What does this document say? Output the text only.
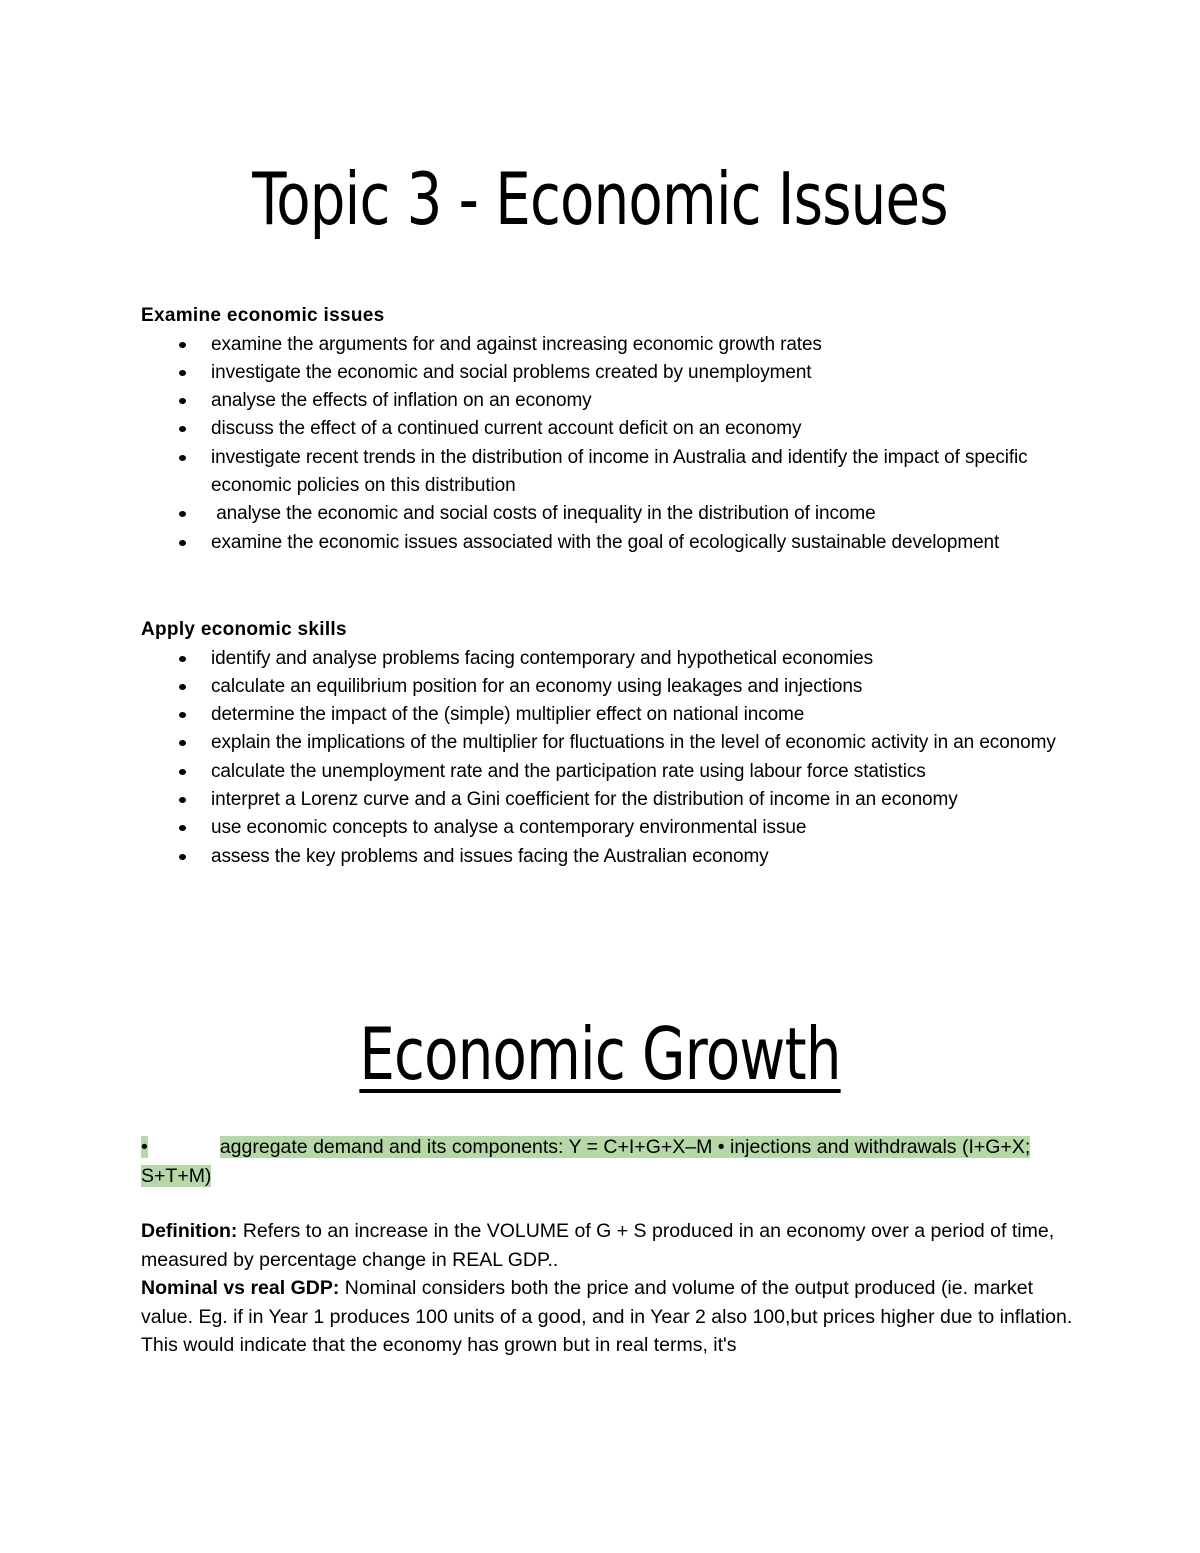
Topic 3 - Economic Issues

Examine economic issues

examine the arguments for and against increasing economic growth rates
investigate the economic and social problems created by unemployment
analyse the effects of inflation on an economy
discuss the effect of a continued current account deficit on an economy
investigate recent trends in the distribution of income in Australia and identify the impact of specific economic policies on this distribution
analyse the economic and social costs of inequality in the distribution of income
examine the economic issues associated with the goal of ecologically sustainable development

Apply economic skills

identify and analyse problems facing contemporary and hypothetical economies
calculate an equilibrium position for an economy using leakages and injections
determine the impact of the (simple) multiplier effect on national income
explain the implications of the multiplier for fluctuations in the level of economic activity in an economy
calculate the unemployment rate and the participation rate using labour force statistics
interpret a Lorenz curve and a Gini coefficient for the distribution of income in an economy
use economic concepts to analyse a contemporary environmental issue
assess the key problems and issues facing the Australian economy
Economic Growth
•	aggregate demand and its components: Y = C+I+G+X–M • injections and withdrawals (I+G+X; S+T+M)

Definition: Refers to an increase in the VOLUME of G + S produced in an economy over a period of time, measured by percentage change in REAL GDP..

Nominal vs real GDP: Nominal considers both the price and volume of the output produced (ie. market value. Eg. if in Year 1 produces 100 units of a good, and in Year 2 also 100,but prices higher due to inflation. This would indicate that the economy has grown but in real terms, it's
